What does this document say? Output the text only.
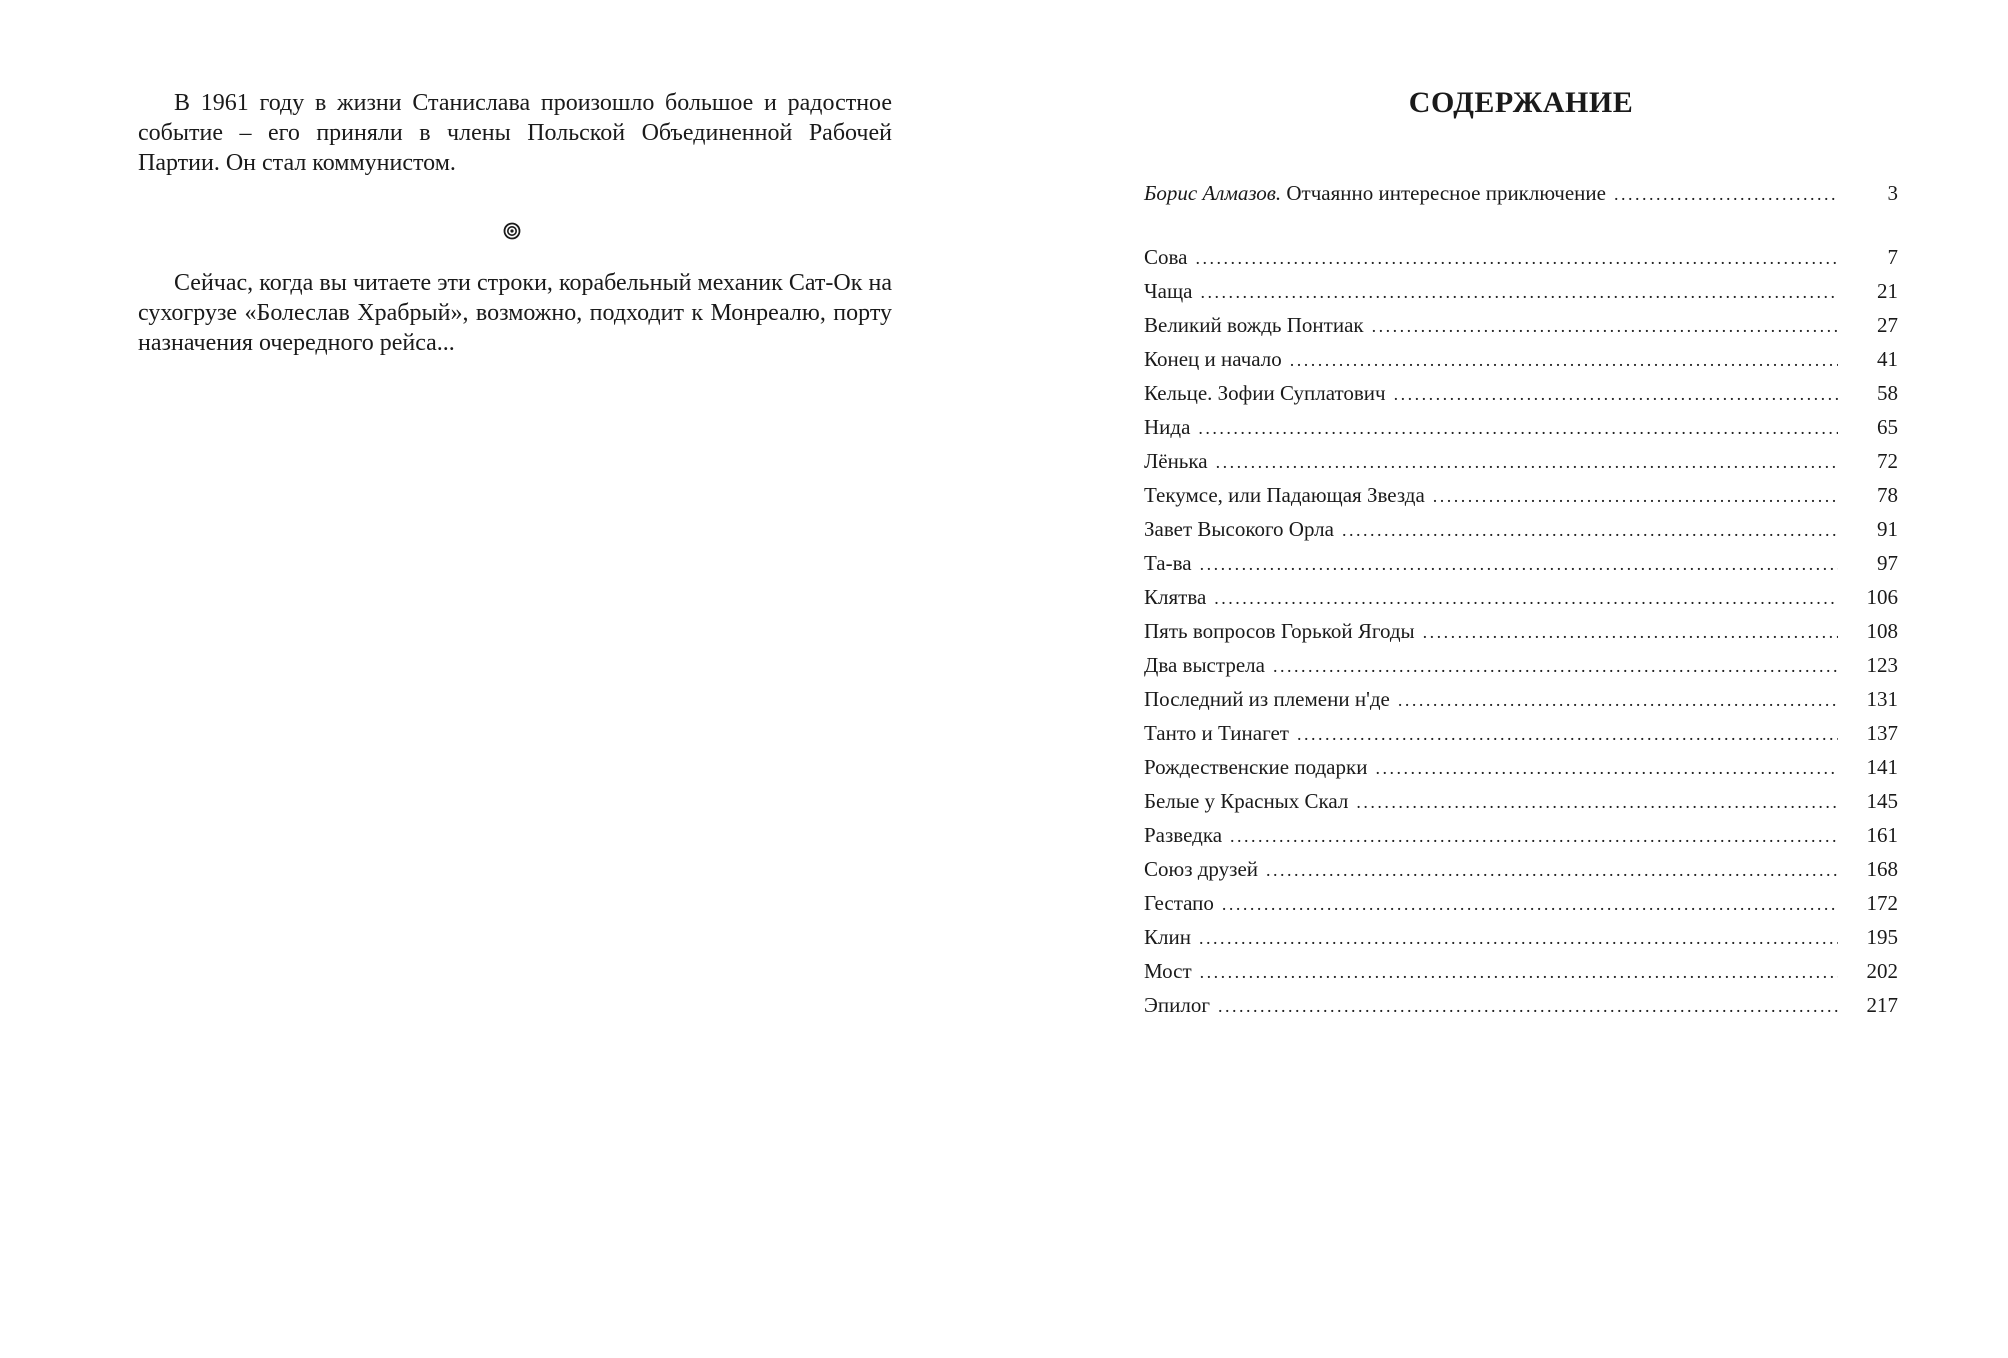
В 1961 году в жизни Станислава произошло большое и радостное событие – его приняли в члены Польской Объединенной Рабочей Партии. Он стал коммунистом.

Сейчас, когда вы читаете эти строки, корабельный механик Сат-Ок на сухогрузе «Болеслав Храбрый», возможно, подходит к Монреалю, порту назначения очередного рейса...

СОДЕРЖАНИЕ
Борис Алмазов. Отчаянно интересное приключение . . .	3
Сова . . .	7
Чаща . . .	21
Великий вождь Понтиак . . .	27
Конец и начало . . .	41
Кельце. Зофии Суплатович . . .	58
Нида . . .	65
Лёнька . . .	72
Текумсе, или Падающая Звезда . . .	78
Завет Высокого Орла . . .	91
Та-ва . . .	97
Клятва . . .	106
Пять вопросов Горькой Ягоды . . .	108
Два выстрела . . .	123
Последний из племени н'де . . .	131
Танто и Тинагет . . .	137
Рождественские подарки . . .	141
Белые у Красных Скал . . .	145
Разведка . . .	161
Союз друзей . . .	168
Гестапо . . .	172
Клин . . .	195
Мост . . .	202
Эпилог . . .	217
